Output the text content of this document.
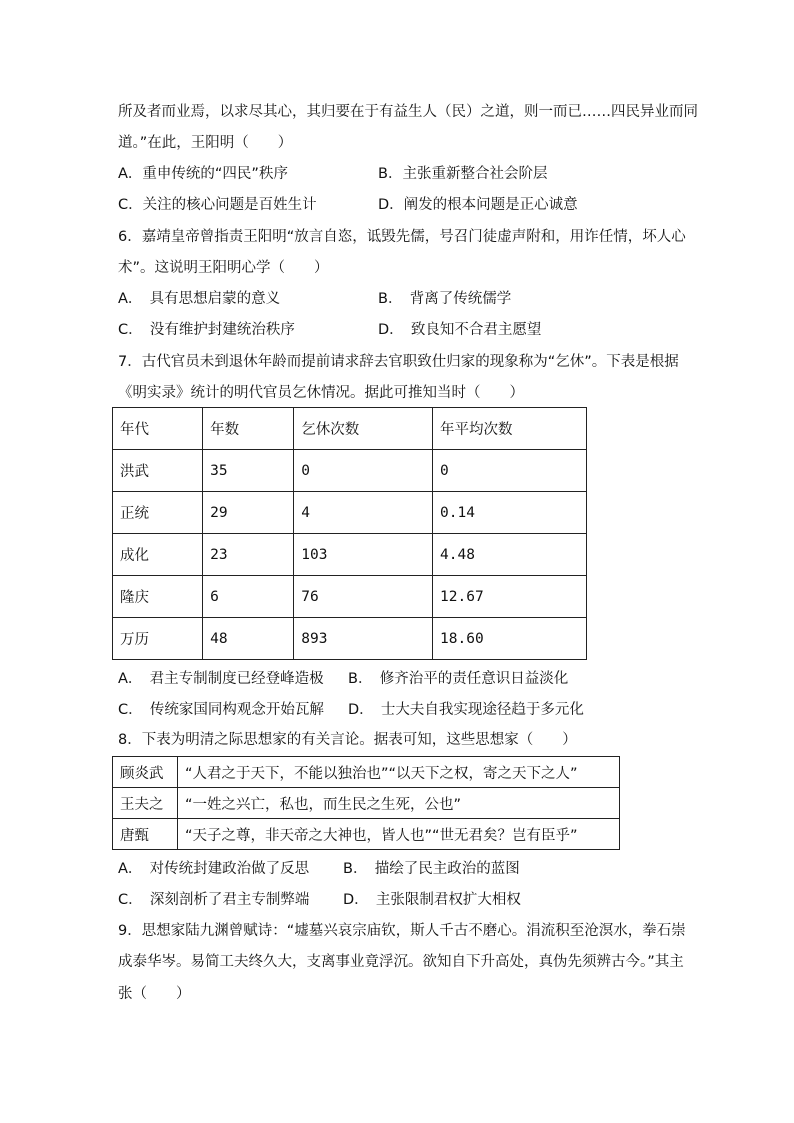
所及者而业焉，以求尽其心，其归要在于有益生人（民）之道，则一而已……四民异业而同
道。”在此，王阳明（　　）
A．重申传统的“四民”秩序	B．主张重新整合社会阶层
C．关注的核心问题是百姓生计	D．阐发的根本问题是正心诚意
6．嘉靖皇帝曾指责王阳明“放言自恣，诋毁先儒，号召门徒虚声附和，用诈任情，坏人心
术”。这说明王阳明心学（　　）
A．　具有思想启蒙的意义	B．　背离了传统儒学
C．　没有维护封建统治秩序	D．　致良知不合君主愿望
7．古代官员未到退休年龄而提前请求辞去官职致仕归家的现象称为“乞休”。下表是根据
《明实录》统计的明代官员乞休情况。据此可推知当时（　　）
年代	年数	乞休次数	年平均次数
洪武	35	0	0
正统	29	4	0.14
成化	23	103	4.48
隆庆	6	76	12.67
万历	48	893	18.60
A．　君主专制制度已经登峰造极 B．　修齐治平的责任意识日益淡化
C．　传统家国同构观念开始瓦解 D．　士大夫自我实现途径趋于多元化
8．下表为明清之际思想家的有关言论。据表可知，这些思想家（　　）
顾炎武	“人君之于天下，不能以独治也”“以天下之权，寄之天下之人”
王夫之	“一姓之兴亡，私也，而生民之生死，公也”
唐甄	“天子之尊，非天帝之大神也，皆人也”“世无君矣？岂有臣乎”
A．　对传统封建政治做了反思 B．　描绘了民主政治的蓝图
C．　深刻剖析了君主专制弊端 D．　主张限制君权扩大相权
9．思想家陆九渊曾赋诗：“墟墓兴哀宗庙钦，斯人千古不磨心。涓流积至沧溟水，拳石崇
成泰华岑。易简工夫终久大，支离事业竟浮沉。欲知自下升高处，真伪先须辨古今。”其主
张（　　）
